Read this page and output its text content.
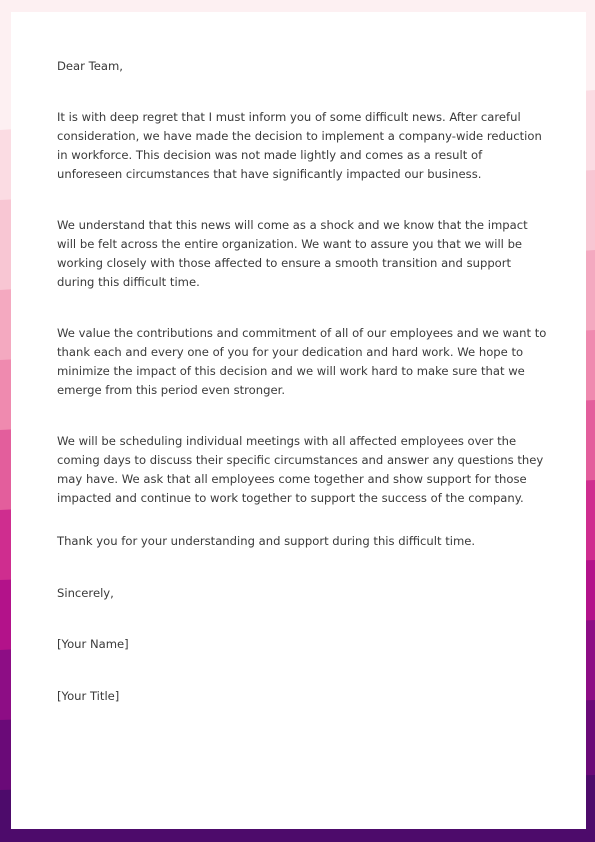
Dear Team,

It is with deep regret that I must inform you of some difficult news. After careful consideration, we have made the decision to implement a company-wide reduction in workforce. This decision was not made lightly and comes as a result of unforeseen circumstances that have significantly impacted our business.

We understand that this news will come as a shock and we know that the impact will be felt across the entire organization. We want to assure you that we will be working closely with those affected to ensure a smooth transition and support during this difficult time.

We value the contributions and commitment of all of our employees and we want to thank each and every one of you for your dedication and hard work. We hope to minimize the impact of this decision and we will work hard to make sure that we emerge from this period even stronger.

We will be scheduling individual meetings with all affected employees over the coming days to discuss their specific circumstances and answer any questions they may have. We ask that all employees come together and show support for those impacted and continue to work together to support the success of the company.

Thank you for your understanding and support during this difficult time.

Sincerely,

[Your Name]

[Your Title]
